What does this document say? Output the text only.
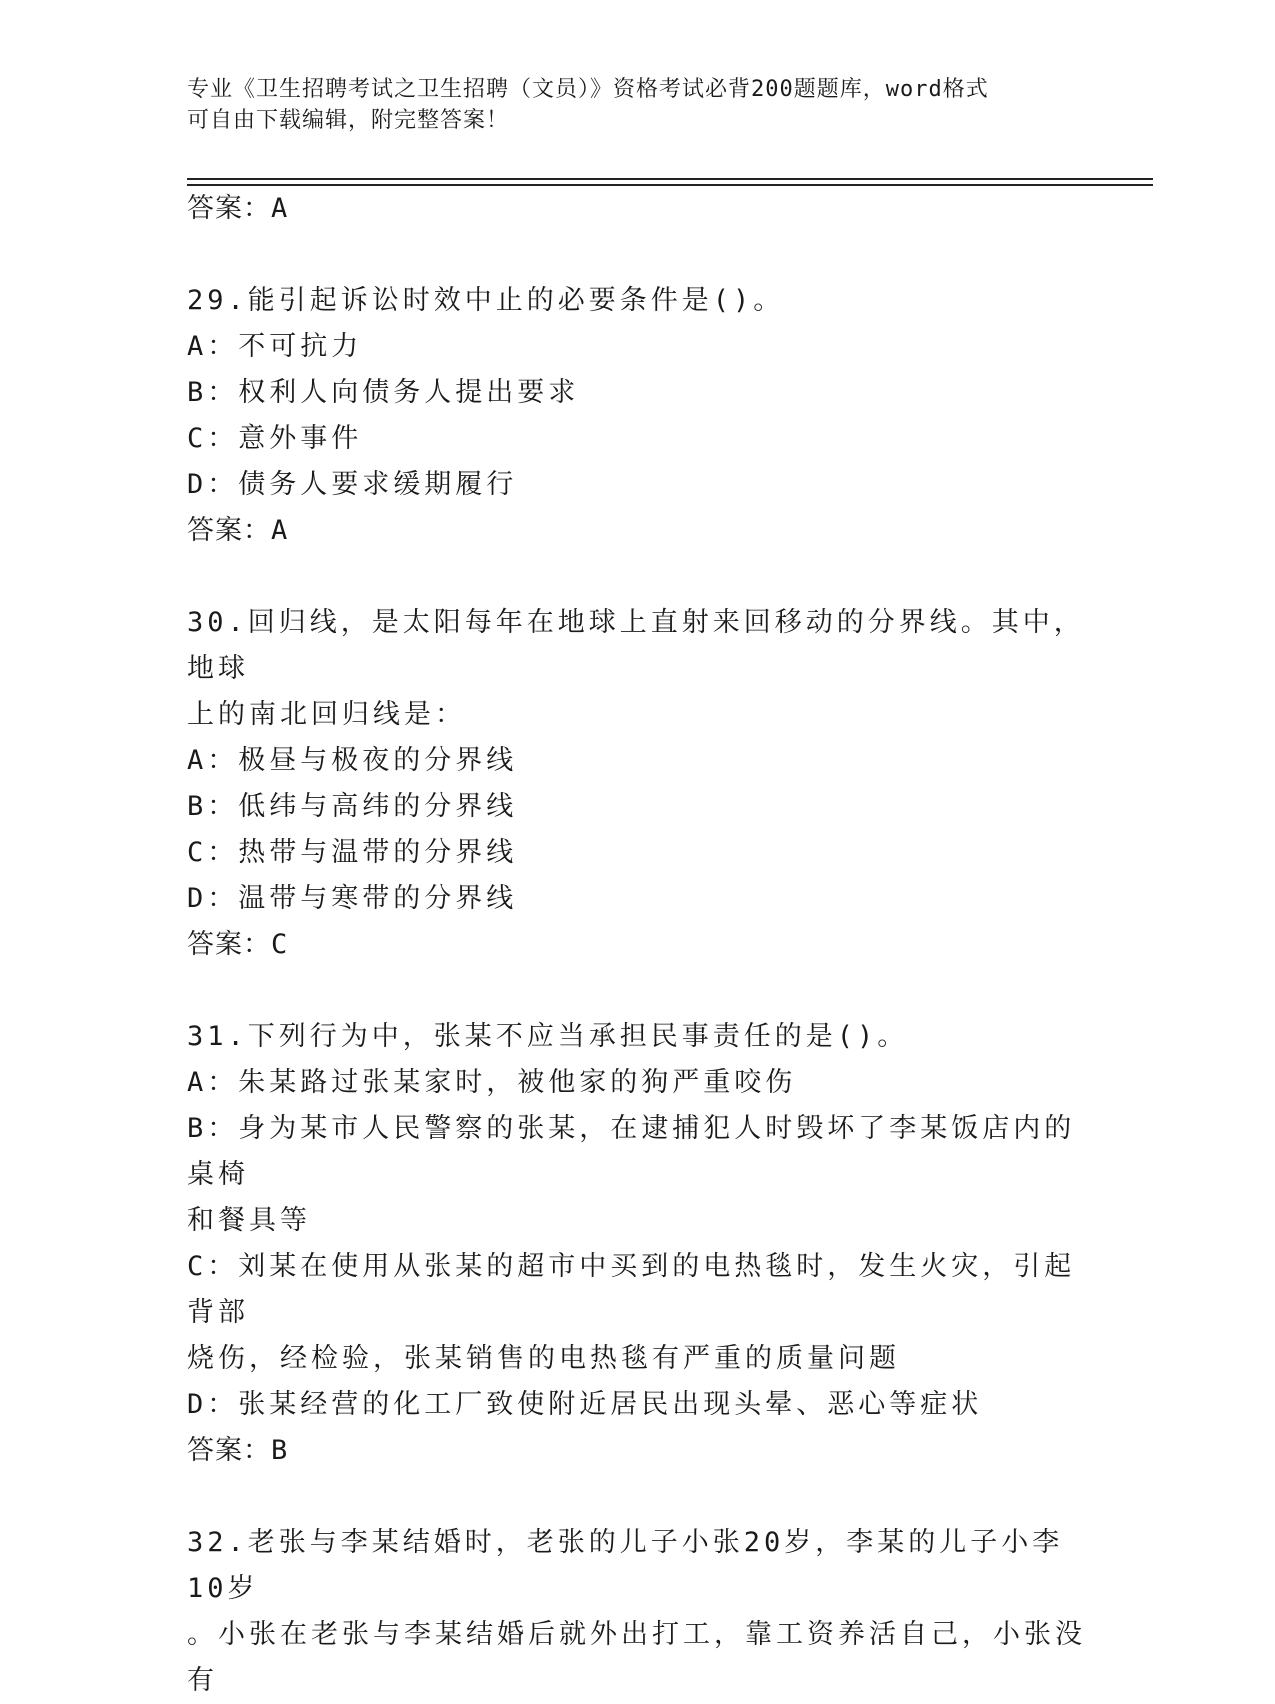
专业《卫生招聘考试之卫生招聘（文员）》资格考试必背200题题库，word格式
可自由下载编辑，附完整答案！
答案：A
29.能引起诉讼时效中止的必要条件是()。
A：不可抗力
B：权利人向债务人提出要求
C：意外事件
D：债务人要求缓期履行
答案：A
30.回归线，是太阳每年在地球上直射来回移动的分界线。其中，地球
上的南北回归线是：
A：极昼与极夜的分界线
B：低纬与高纬的分界线
C：热带与温带的分界线
D：温带与寒带的分界线
答案：C
31.下列行为中，张某不应当承担民事责任的是()。
A：朱某路过张某家时，被他家的狗严重咬伤
B：身为某市人民警察的张某，在逮捕犯人时毁坏了李某饭店内的桌椅
和餐具等
C：刘某在使用从张某的超市中买到的电热毯时，发生火灾，引起背部
烧伤，经检验，张某销售的电热毯有严重的质量问题
D：张某经营的化工厂致使附近居民出现头晕、恶心等症状
答案：B
32.老张与李某结婚时，老张的儿子小张20岁，李某的儿子小李10岁
。小张在老张与李某结婚后就外出打工，靠工资养活自己，小张没有
